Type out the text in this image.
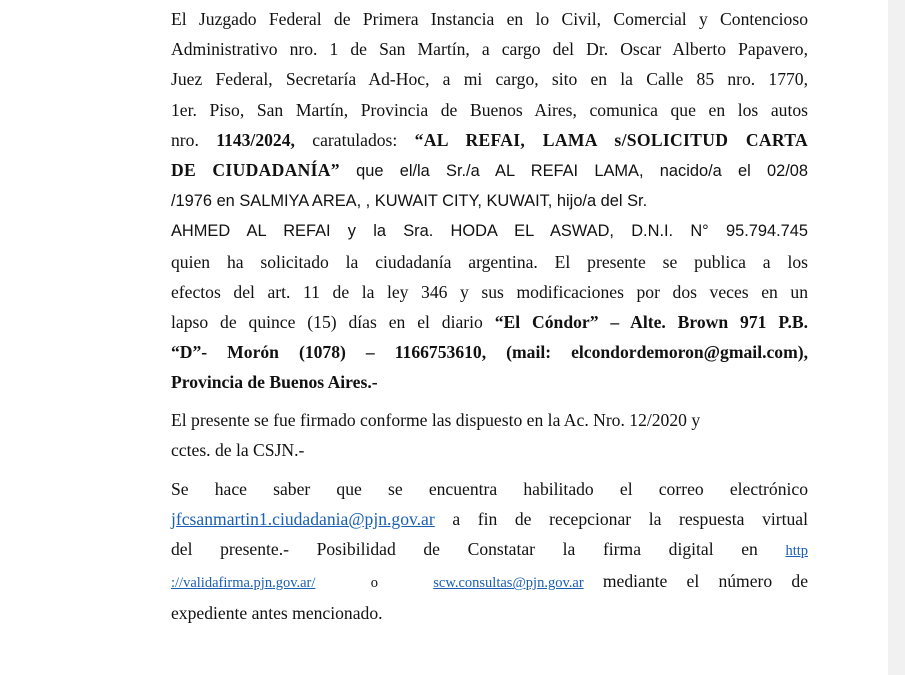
El Juzgado Federal de Primera Instancia en lo Civil, Comercial y Contencioso
Administrativo nro. 1 de San Martín, a cargo del Dr. Oscar Alberto Papavero,
Juez Federal, Secretaría Ad-Hoc, a mi cargo, sito en la Calle 85 nro. 1770,
1er. Piso, San Martín, Provincia de Buenos Aires, comunica que en los autos
nro. 1143/2024, caratulados: “AL REFAI, LAMA s/SOLICITUD CARTA
DE CIUDADANÍA” que el/la Sr./a AL REFAI LAMA, nacido/a el 02/08
/1976 en SALMIYA AREA, , KUWAIT CITY, KUWAIT, hijo/a del Sr.
AHMED AL REFAI y la Sra. HODA EL ASWAD, D.N.I. N° 95.794.745
quien ha solicitado la ciudadanía argentina. El presente se publica a los
efectos del art. 11 de la ley 346 y sus modificaciones por dos veces en un
lapso de quince (15) días en el diario “El Cóndor” – Alte. Brown 971 P.B.
“D”- Morón (1078) – 1166753610, (mail: elcondordemoron@gmail.com),
Provincia de Buenos Aires.-

El presente se fue firmado conforme las dispuesto en la Ac. Nro. 12/2020 y
cctes. de la CSJN.-

Se hace saber que se encuentra habilitado el correo electrónico
jfcsanmartin1.ciudadania@pjn.gov.ar a fin de recepcionar la respuesta virtual
del presente.- Posibilidad de Constatar la firma digital en http
://validafirma.pjn.gov.ar/   o   scw.consultas@pjn.gov.ar mediante el número de
expediente antes mencionado.
